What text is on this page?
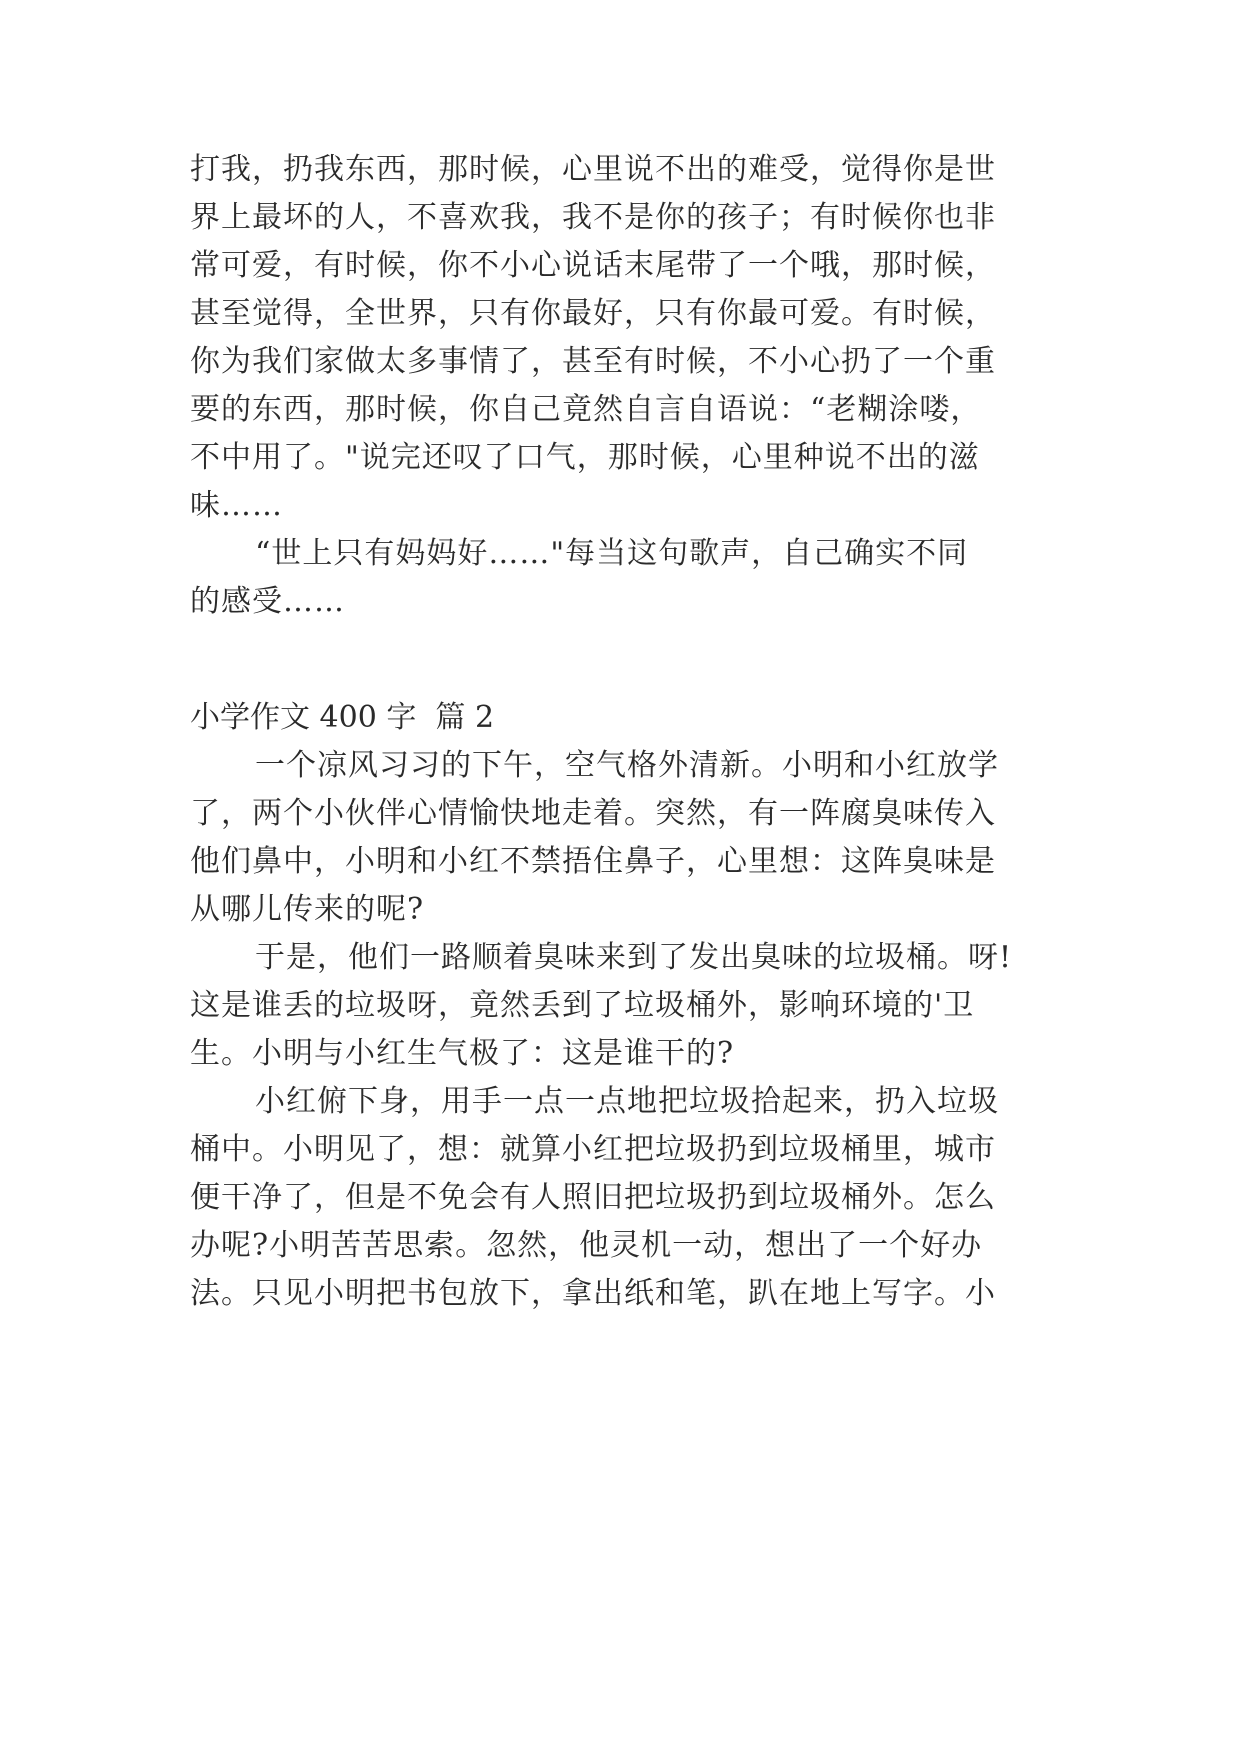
打我，扔我东西，那时候，心里说不出的难受，觉得你是世
界上最坏的人，不喜欢我，我不是你的孩子；有时候你也非
常可爱，有时候，你不小心说话末尾带了一个哦，那时候，
甚至觉得，全世界，只有你最好，只有你最可爱。有时候，
你为我们家做太多事情了，甚至有时候，不小心扔了一个重
要的东西，那时候，你自己竟然自言自语说：“老糊涂喽，
不中用了。"说完还叹了口气，那时候，心里种说不出的滋
味……
“世上只有妈妈好……"每当这句歌声，自己确实不同
的感受……
小学作文 400 字  篇 2
一个凉风习习的下午，空气格外清新。小明和小红放学
了，两个小伙伴心情愉快地走着。突然，有一阵腐臭味传入
他们鼻中，小明和小红不禁捂住鼻子，心里想：这阵臭味是
从哪儿传来的呢?
于是，他们一路顺着臭味来到了发出臭味的垃圾桶。呀!
这是谁丢的垃圾呀，竟然丢到了垃圾桶外，影响环境的'卫
生。小明与小红生气极了：这是谁干的?
小红俯下身，用手一点一点地把垃圾拾起来，扔入垃圾
桶中。小明见了，想：就算小红把垃圾扔到垃圾桶里，城市
便干净了，但是不免会有人照旧把垃圾扔到垃圾桶外。怎么
办呢?小明苦苦思索。忽然，他灵机一动，想出了一个好办
法。只见小明把书包放下，拿出纸和笔，趴在地上写字。小
